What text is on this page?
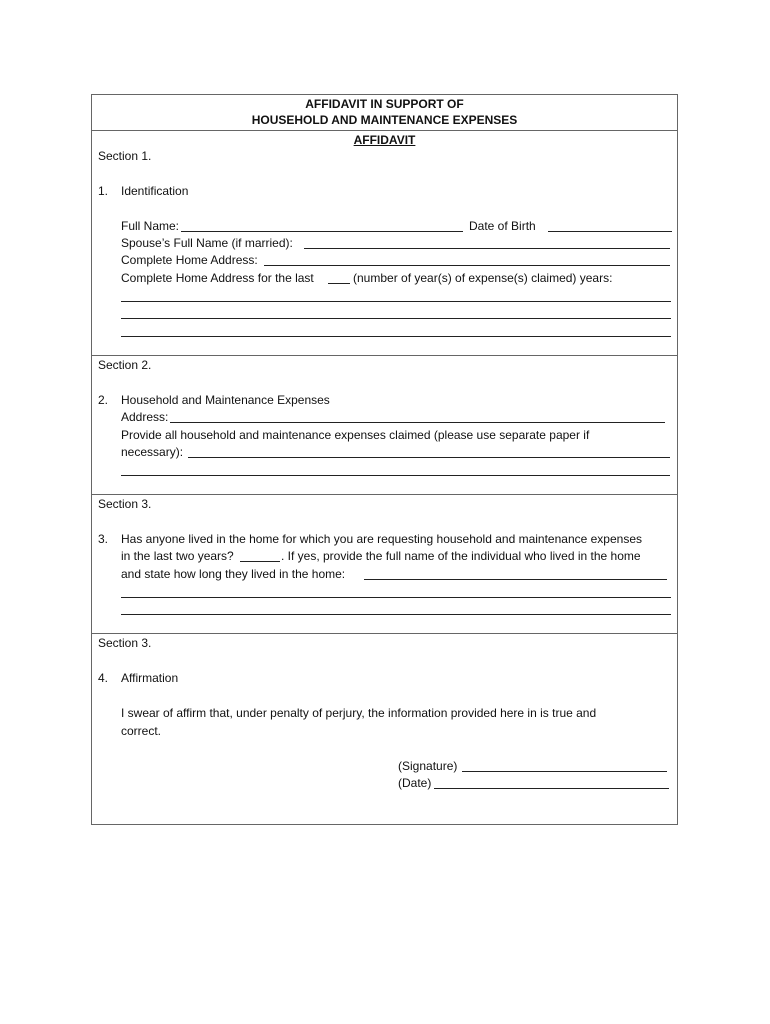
AFFIDAVIT IN SUPPORT OF
HOUSEHOLD AND MAINTENANCE EXPENSES
AFFIDAVIT
Section 1.
1. Identification
Full Name:	Date of Birth
Spouse’s Full Name (if married):
Complete Home Address:
Complete Home Address for the last	(number of year(s) of expense(s) claimed) years:
Section 2.
2. Household and Maintenance Expenses
Address:
Provide all household and maintenance expenses claimed (please use separate paper if
necessary):
Section 3.
3. Has anyone lived in the home for which you are requesting household and maintenance expenses
in the last two years?	. If yes, provide the full name of the individual who lived in the home
and state how long they lived in the home:
Section 3.
4. Affirmation
I swear of affirm that, under penalty of perjury, the information provided here in is true and
correct.
(Signature)
(Date)
